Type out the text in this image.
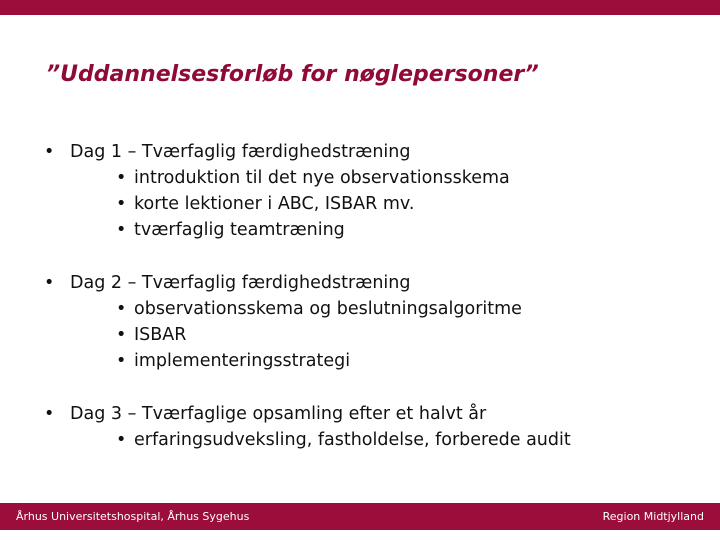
”Uddannelsesforløb for nøglepersoner”
• Dag 1 – Tværfaglig færdighedstræning
• introduktion til det nye observationsskema
• korte lektioner i ABC, ISBAR mv.
• tværfaglig teamtræning
• Dag 2 – Tværfaglig færdighedstræning
• observationsskema og beslutningsalgoritme
• ISBAR
• implementeringsstrategi
• Dag 3 – Tværfaglige opsamling efter et halvt år
• erfaringsudveksling, fastholdelse, forberede audit
Århus Universitetshospital, Århus Sygehus	Region Midtjylland
